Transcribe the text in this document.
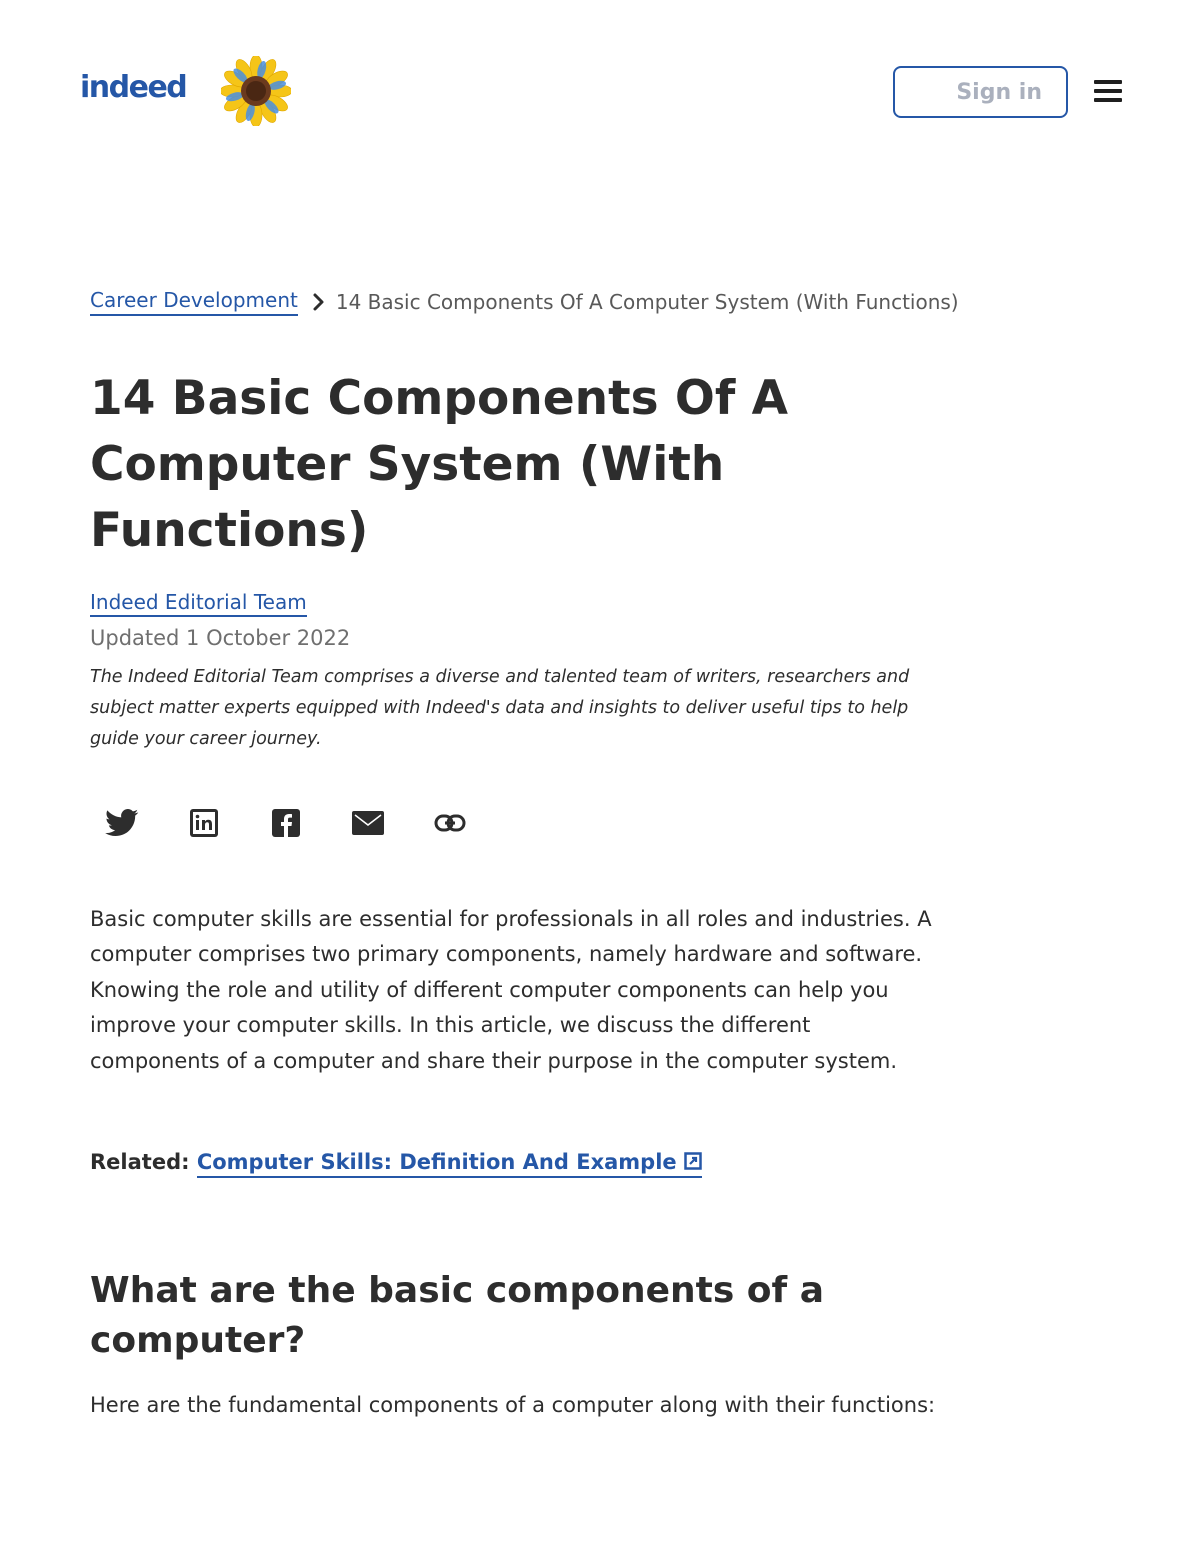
indeed	Sign in
Career Development 14 Basic Components Of A Computer System (With Functions)
14 Basic Components Of A Computer System (With Functions)
Indeed Editorial Team
Updated 1 October 2022

The Indeed Editorial Team comprises a diverse and talented team of writers, researchers and subject matter experts equipped with Indeed's data and insights to deliver useful tips to help guide your career journey.

Basic computer skills are essential for professionals in all roles and industries. A computer comprises two primary components, namely hardware and software. Knowing the role and utility of different computer components can help you improve your computer skills. In this article, we discuss the different components of a computer and share their purpose in the computer system.

Related: Computer Skills: Definition And Example
What are the basic components of a computer?

Here are the fundamental components of a computer along with their functions:
